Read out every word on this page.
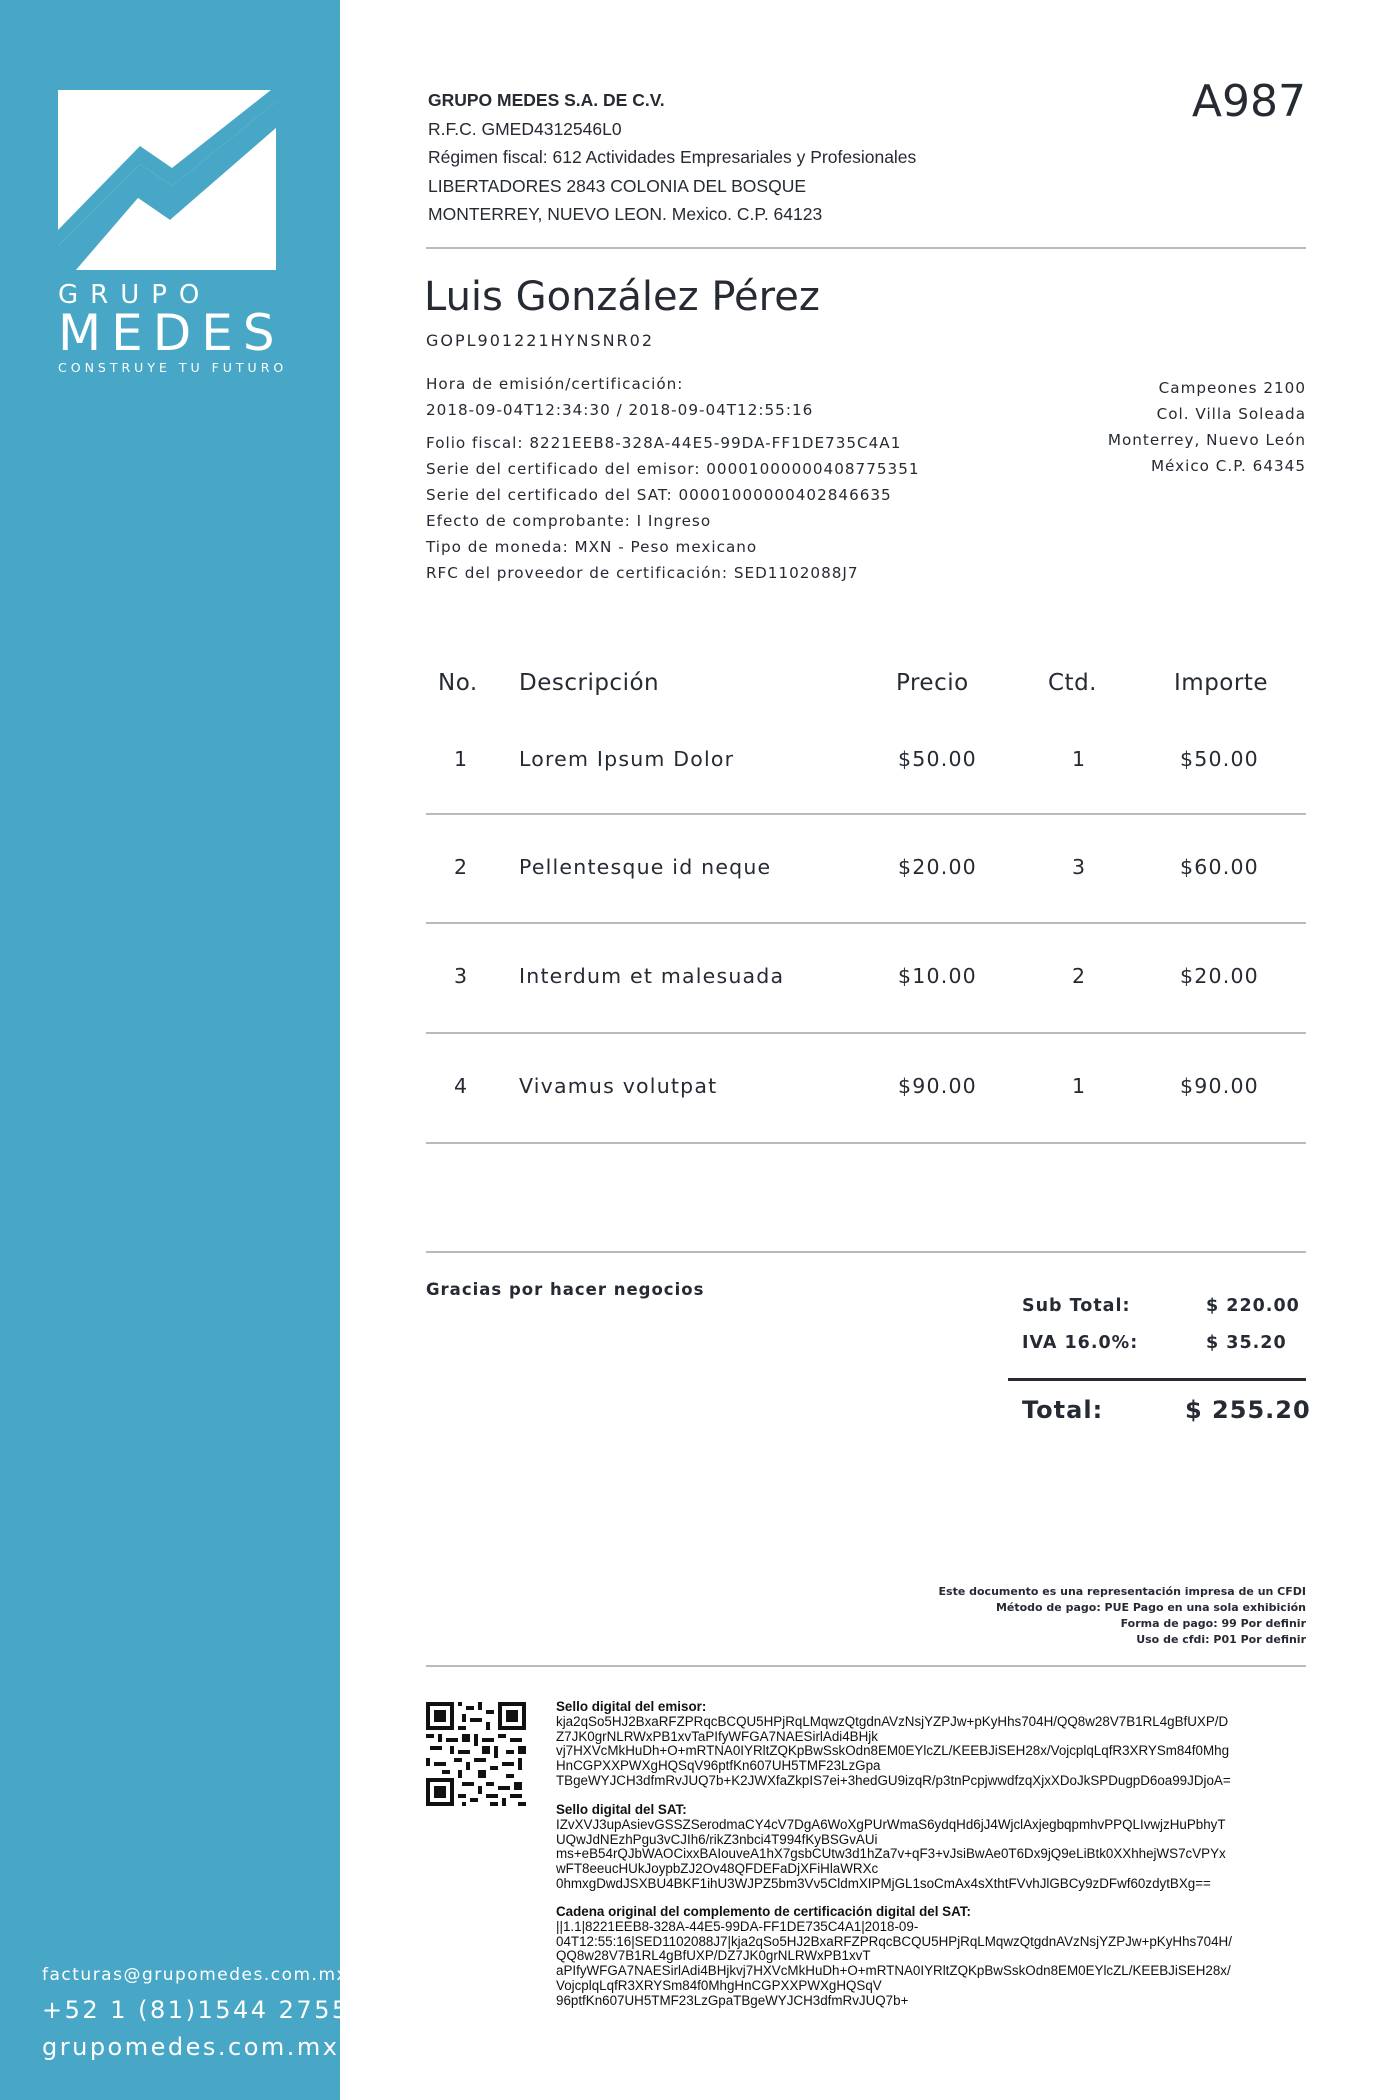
GRUPO
MEDES
CONSTRUYE TU FUTURO
facturas@grupomedes.com.mx
+52 1 (81)1544 2755
grupomedes.com.mx
GRUPO MEDES S.A. DE C.V.
R.F.C. GMED4312546L0
Régimen fiscal: 612 Actividades Empresariales y Profesionales
LIBERTADORES 2843 COLONIA DEL BOSQUE
MONTERREY, NUEVO LEON. Mexico. C.P. 64123
A987
Luis González Pérez
GOPL901221HYNSNR02
Campeones 2100
Col. Villa Soleada
Monterrey, Nuevo León
México C.P. 64345
Hora de emisión/certificación:
2018-09-04T12:34:30 / 2018-09-04T12:55:16
Folio fiscal: 8221EEB8-328A-44E5-99DA-FF1DE735C4A1
Serie del certificado del emisor: 00001000000408775351
Serie del certificado del SAT: 00001000000402846635
Efecto de comprobante: I Ingreso
Tipo de moneda: MXN - Peso mexicano
RFC del proveedor de certificación: SED1102088J7
No. Descripción	Precio	Ctd.	Importe
1 Lorem Ipsum Dolor	$50.00	1	$50.00
2 Pellentesque id neque	$20.00	3	$60.00
3 Interdum et malesuada	$10.00	2	$20.00
4 Vivamus volutpat	$90.00	1	$90.00
Gracias por hacer negocios
Sub Total:	$ 220.00
IVA 16.0%:	$ 35.20
Total:	$ 255.20
Este documento es una representación impresa de un CFDI
Método de pago: PUE Pago en una sola exhibición
Forma de pago: 99 Por definir
Uso de cfdi: P01 Por definir
Sello digital del emisor:
kja2qSo5HJ2BxaRFZPRqcBCQU5HPjRqLMqwzQtgdnAVzNsjYZPJw+pKyHhs704H/QQ8w28V7B1RL4gBfUXP/D
Z7JK0grNLRWxPB1xvTaPIfyWFGA7NAESirlAdi4BHjk
vj7HXVcMkHuDh+O+mRTNA0IYRltZQKpBwSskOdn8EM0EYlcZL/KEEBJiSEH28x/VojcplqLqfR3XRYSm84f0Mhg
HnCGPXXPWXgHQSqV96ptfKn607UH5TMF23LzGpa
TBgeWYJCH3dfmRvJUQ7b+K2JWXfaZkpIS7ei+3hedGU9izqR/p3tnPcpjwwdfzqXjxXDoJkSPDugpD6oa99JDjoA=
Sello digital del SAT:
IZvXVJ3upAsievGSSZSerodmaCY4cV7DgA6WoXgPUrWmaS6ydqHd6jJ4WjclAxjegbqpmhvPPQLIvwjzHuPbhyT
UQwJdNEzhPgu3vCJIh6/rikZ3nbci4T994fKyBSGvAUi
ms+eB54rQJbWAOCixxBAIouveA1hX7gsbCUtw3d1hZa7v+qF3+vJsiBwAe0T6Dx9jQ9eLiBtk0XXhhejWS7cVPYx
wFT8eeucHUkJoypbZJ2Ov48QFDEFaDjXFiHlaWRXc
0hmxgDwdJSXBU4BKF1ihU3WJPZ5bm3Vv5CldmXIPMjGL1soCmAx4sXthtFVvhJlGBCy9zDFwf60zdytBXg==
Cadena original del complemento de certificación digital del SAT:
||1.1|8221EEB8-328A-44E5-99DA-FF1DE735C4A1|2018-09-
04T12:55:16|SED1102088J7|kja2qSo5HJ2BxaRFZPRqcBCQU5HPjRqLMqwzQtgdnAVzNsjYZPJw+pKyHhs704H/
QQ8w28V7B1RL4gBfUXP/DZ7JK0grNLRWxPB1xvT
aPIfyWFGA7NAESirlAdi4BHjkvj7HXVcMkHuDh+O+mRTNA0IYRltZQKpBwSskOdn8EM0EYlcZL/KEEBJiSEH28x/
VojcplqLqfR3XRYSm84f0MhgHnCGPXXPWXgHQSqV
96ptfKn607UH5TMF23LzGpaTBgeWYJCH3dfmRvJUQ7b+
